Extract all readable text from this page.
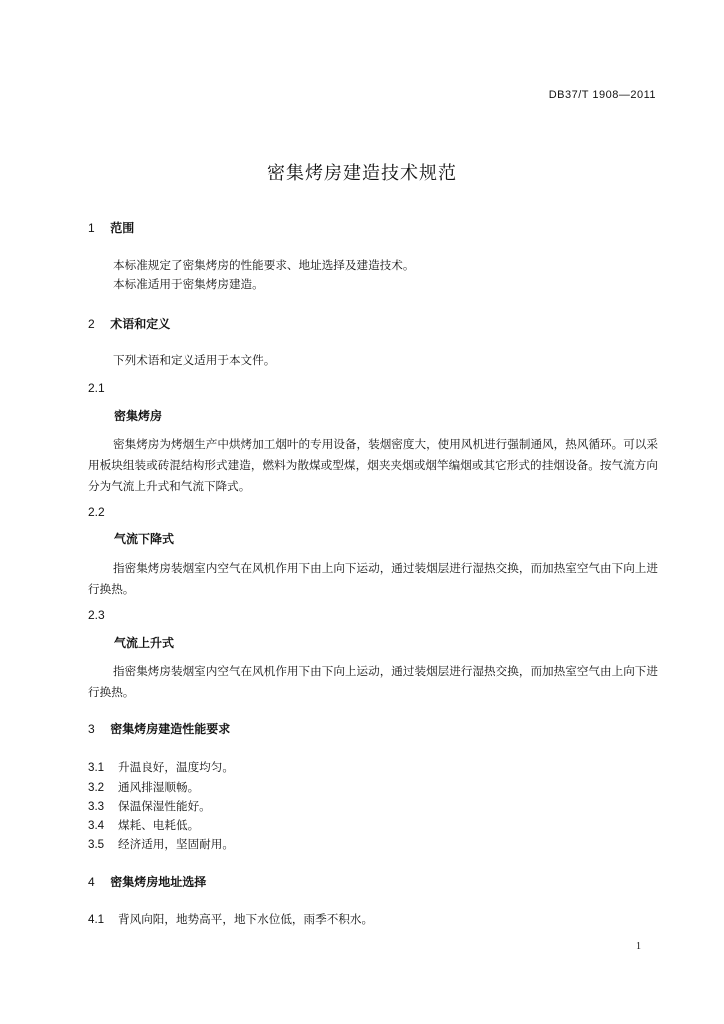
DB37/T 1908—2011
密集烤房建造技术规范
1 范围

本标准规定了密集烤房的性能要求、地址选择及建造技术。

本标准适用于密集烤房建造。

2 术语和定义

下列术语和定义适用于本文件。

2.1
密集烤房

密集烤房为烤烟生产中烘烤加工烟叶的专用设备，装烟密度大，使用风机进行强制通风，热风循环。可以采用板块组装或砖混结构形式建造，燃料为散煤或型煤，烟夹夹烟或烟竿编烟或其它形式的挂烟设备。按气流方向分为气流上升式和气流下降式。

2.2
气流下降式

指密集烤房装烟室内空气在风机作用下由上向下运动，通过装烟层进行湿热交换，而加热室空气由下向上进行换热。

2.3
气流上升式

指密集烤房装烟室内空气在风机作用下由下向上运动，通过装烟层进行湿热交换，而加热室空气由上向下进行换热。

3 密集烤房建造性能要求
3.1 升温良好，温度均匀。
3.2 通风排湿顺畅。
3.3 保温保湿性能好。
3.4 煤耗、电耗低。
3.5 经济适用，坚固耐用。
4 密集烤房地址选择
4.1 背风向阳，地势高平，地下水位低，雨季不积水。
1
